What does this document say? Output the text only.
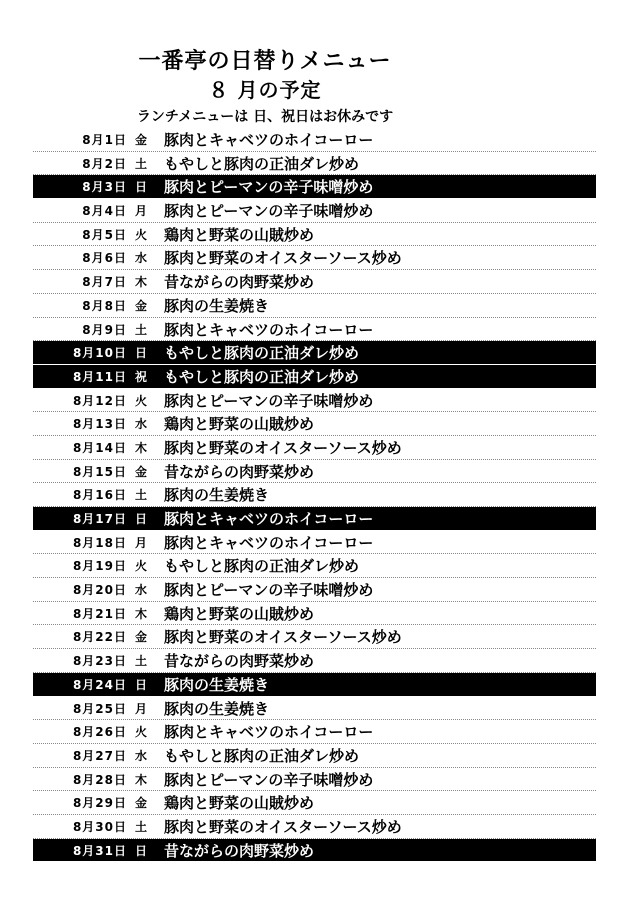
一番亭の日替りメニュー
８ 月の予定
ランチメニューは 日、祝日はお休みです
8月1日 金 豚肉とキャベツのホイコーロー
8月2日 土 もやしと豚肉の正油ダレ炒め
8月3日 日 豚肉とピーマンの辛子味噌炒め
8月4日 月 豚肉とピーマンの辛子味噌炒め
8月5日 火 鶏肉と野菜の山賊炒め
8月6日 水 豚肉と野菜のオイスターソース炒め
8月7日 木 昔ながらの肉野菜炒め
8月8日 金 豚肉の生姜焼き
8月9日 土 豚肉とキャベツのホイコーロー
8月10日 日 もやしと豚肉の正油ダレ炒め
8月11日 祝 もやしと豚肉の正油ダレ炒め
8月12日 火 豚肉とピーマンの辛子味噌炒め
8月13日 水 鶏肉と野菜の山賊炒め
8月14日 木 豚肉と野菜のオイスターソース炒め
8月15日 金 昔ながらの肉野菜炒め
8月16日 土 豚肉の生姜焼き
8月17日 日 豚肉とキャベツのホイコーロー
8月18日 月 豚肉とキャベツのホイコーロー
8月19日 火 もやしと豚肉の正油ダレ炒め
8月20日 水 豚肉とピーマンの辛子味噌炒め
8月21日 木 鶏肉と野菜の山賊炒め
8月22日 金 豚肉と野菜のオイスターソース炒め
8月23日 土 昔ながらの肉野菜炒め
8月24日 日 豚肉の生姜焼き
8月25日 月 豚肉の生姜焼き
8月26日 火 豚肉とキャベツのホイコーロー
8月27日 水 もやしと豚肉の正油ダレ炒め
8月28日 木 豚肉とピーマンの辛子味噌炒め
8月29日 金 鶏肉と野菜の山賊炒め
8月30日 土 豚肉と野菜のオイスターソース炒め
8月31日 日 昔ながらの肉野菜炒め
